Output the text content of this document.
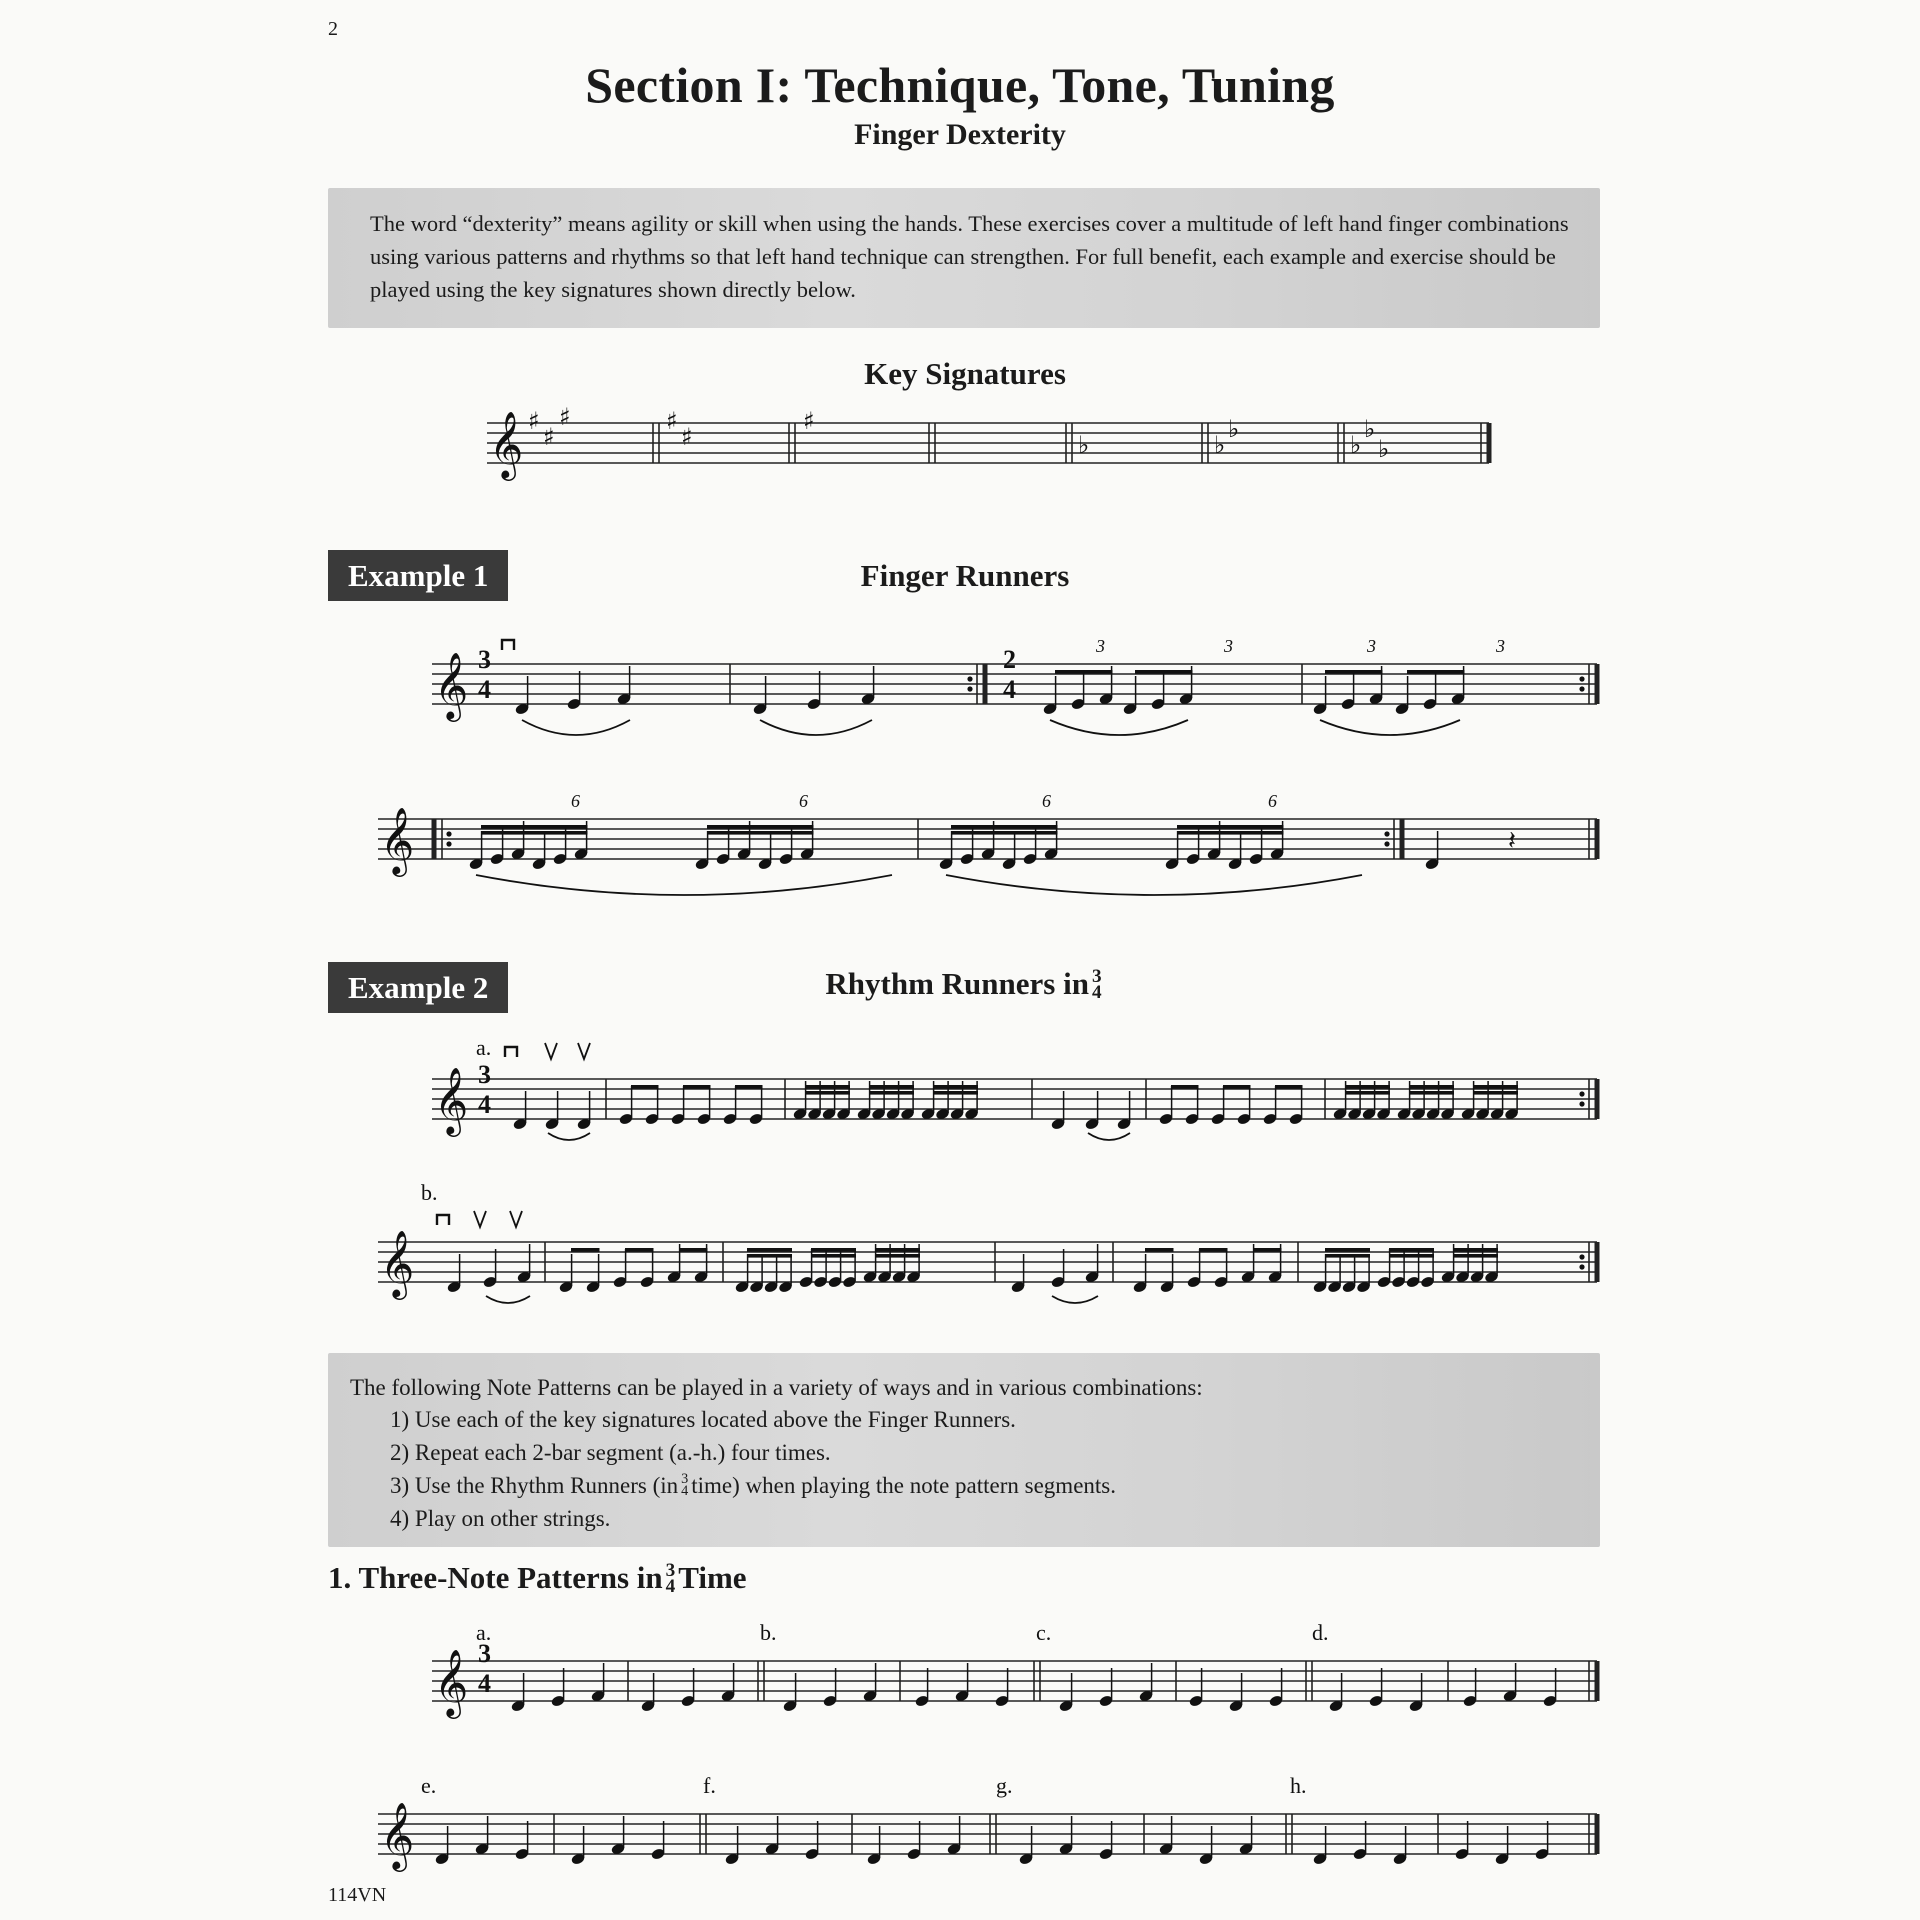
2
Section I: Technique, Tone, Tuning
Finger Dexterity
The word “dexterity” means agility or skill when using the hands. These exercises cover a multitude of left hand finger combinations using various patterns and rhythms so that left hand technique can strengthen. For full benefit, each example and exercise should be played using the key signatures shown directly below.
Key Signatures
Example 1	Finger Runners
Example 2	Rhythm Runners in 3
4
The following Note Patterns can be played in a variety of ways and in various combinations:
1) Use each of the key signatures located above the Finger Runners.
2) Repeat each 2-bar segment (a.-h.) four times.
3) Use the Rhythm Runners (in 3
4 time) when playing the note pattern segments.
4) Play on other strings.
1. Three-Note Patterns in 3
4 Time
114VN
𝄞 ♯
♯
♯	♯
♯
♯
♭	♭
♭
♭
♭
♭
𝄞
𝄞	𝄽
𝄞
𝄞
𝄞
𝄞
3
4
2
4
3
4
3
4
3	3	3	3
6	6	6	6
a.
b.
a.	b.	c.	d.
e.	f.	g.	h.
